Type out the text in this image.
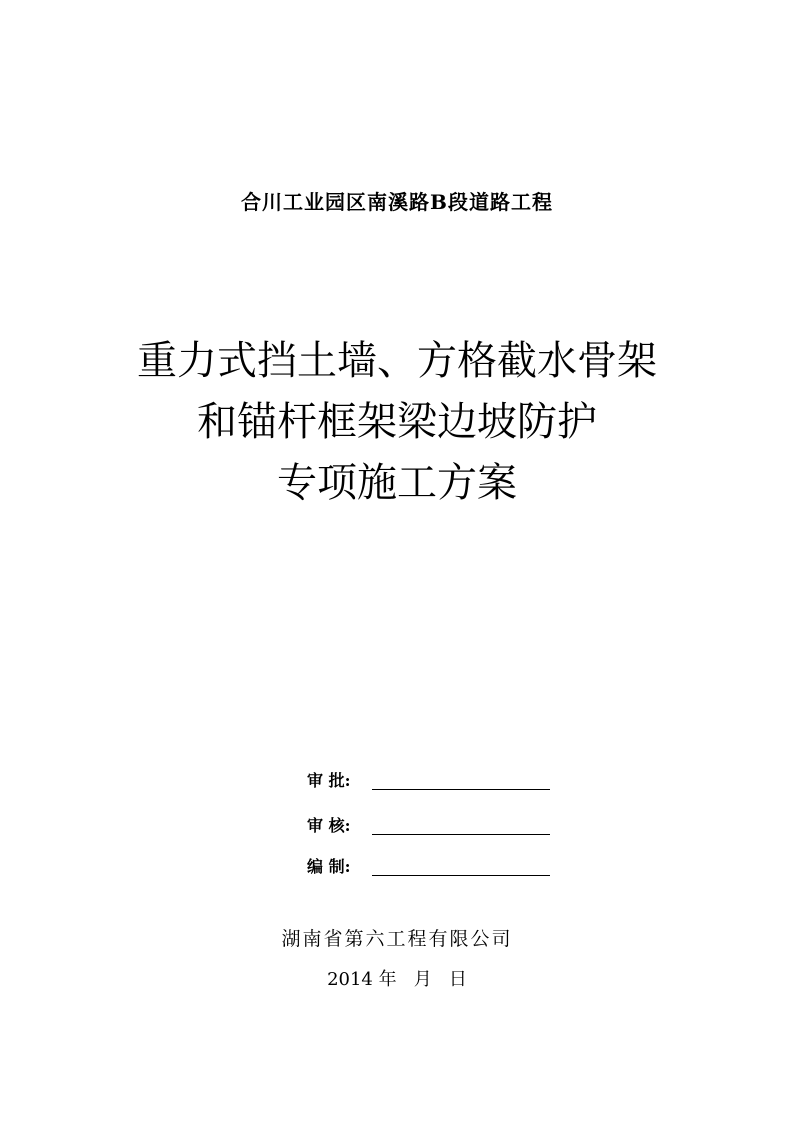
合川工业园区南溪路B段道路工程
重力式挡土墙、方格截水骨架
和锚杆框架梁边坡防护
专项施工方案
审 批:
审 核:
编 制:
湖南省第六工程有限公司
2014 年   月   日
